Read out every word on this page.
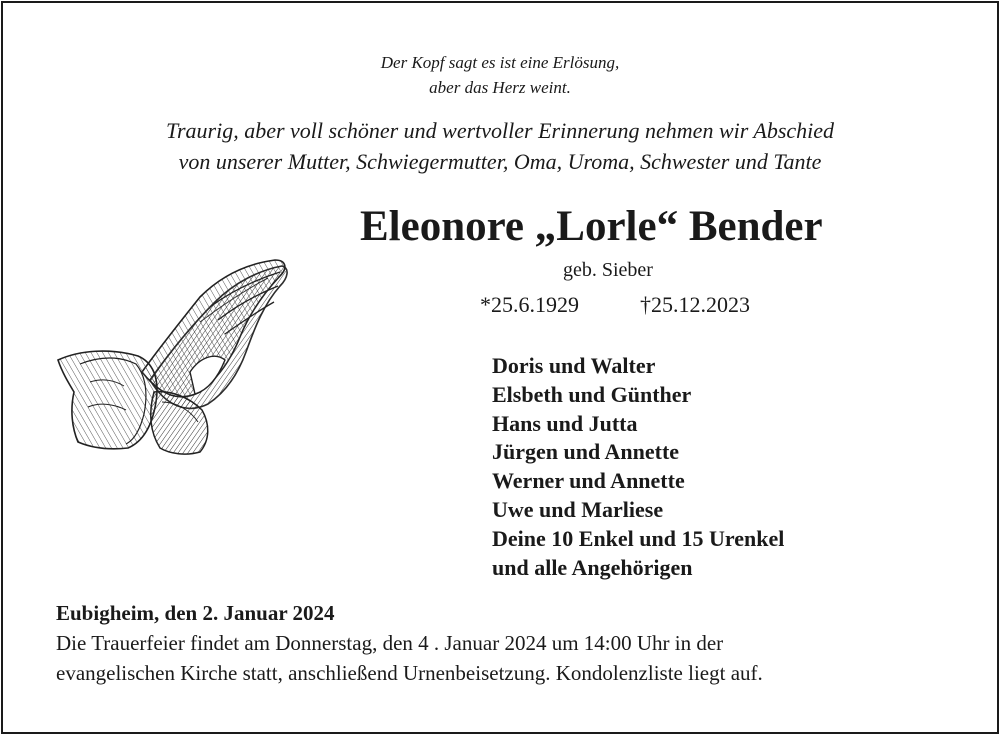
Der Kopf sagt es ist eine Erlösung,
aber das Herz weint.
Traurig, aber voll schöner und wertvoller Erinnerung nehmen wir Abschied
von unserer Mutter, Schwiegermutter, Oma, Uroma, Schwester und Tante
Eleonore „Lorle“ Bender
geb. Sieber
*25.6.1929	†25.12.2023
Doris und Walter
Elsbeth und Günther
Hans und Jutta
Jürgen und Annette
Werner und Annette
Uwe und Marliese
Deine 10 Enkel und 15 Urenkel
und alle Angehörigen
Eubigheim, den 2. Januar 2024
Die Trauerfeier findet am Donnerstag, den 4 . Januar 2024 um 14:00 Uhr in der
evangelischen Kirche statt, anschließend Urnenbeisetzung. Kondolenzliste liegt auf.
